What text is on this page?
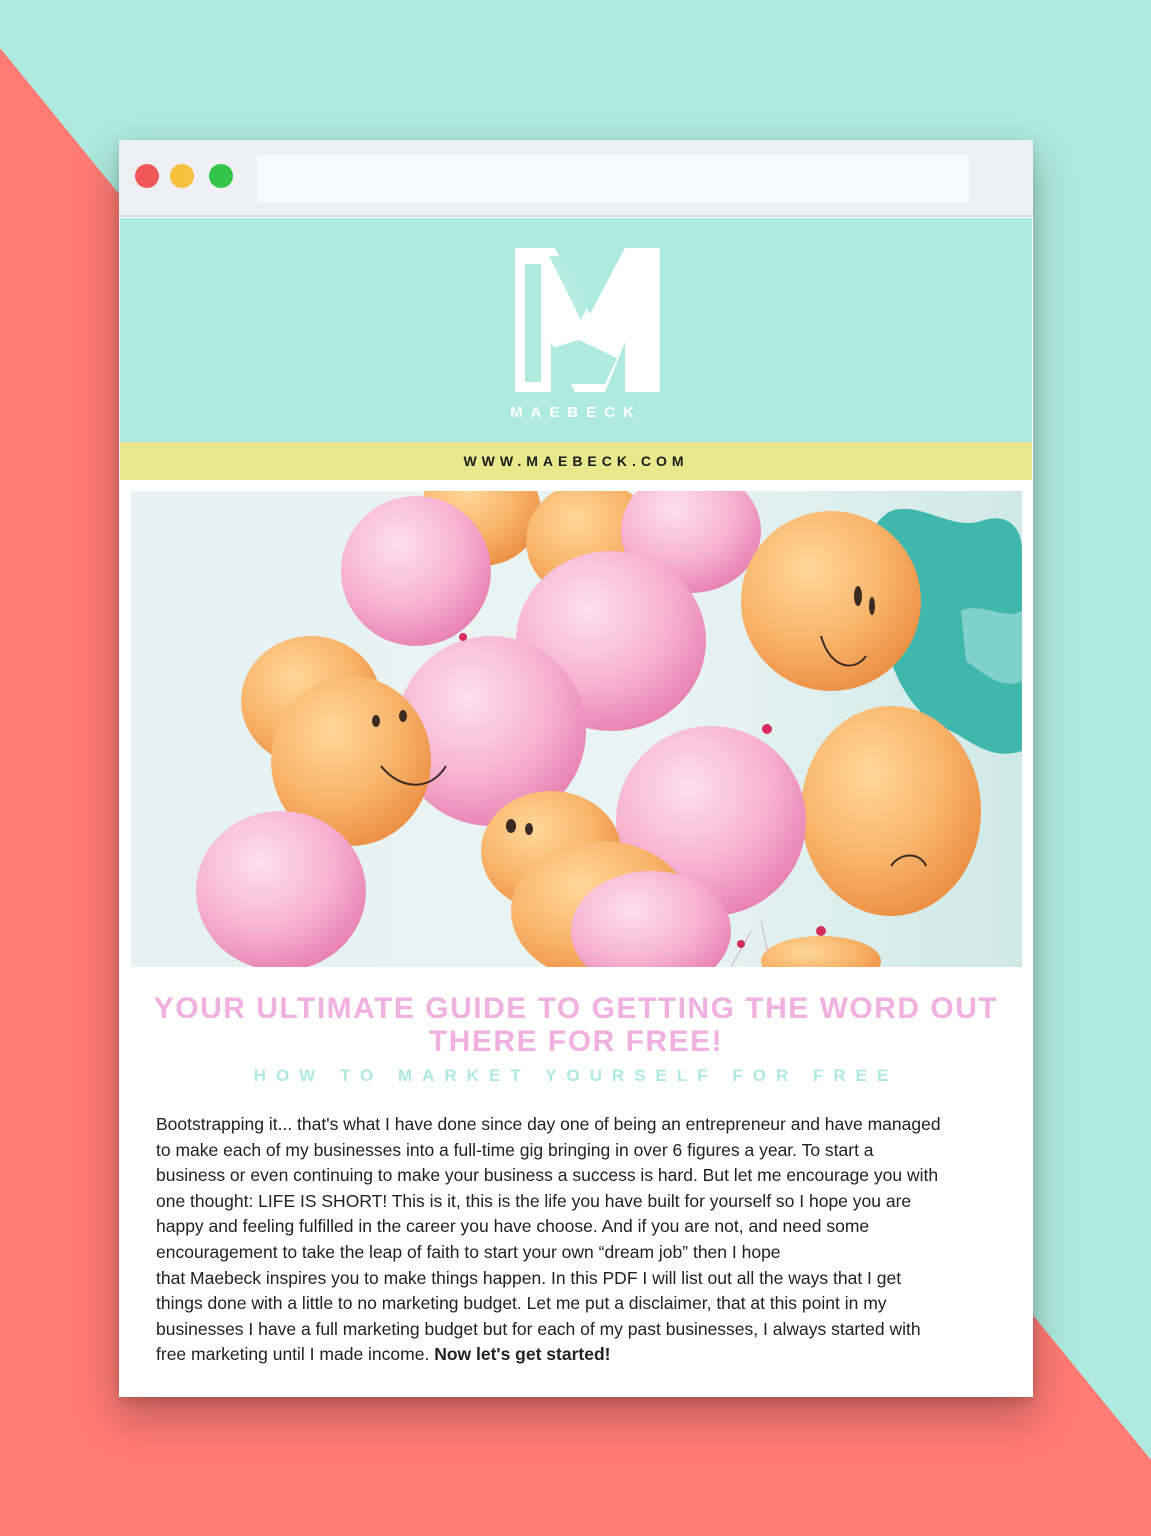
MAEBECK
WWW.MAEBECK.COM
YOUR ULTIMATE GUIDE TO GETTING THE WORD OUT THERE FOR FREE!
HOW TO MARKET YOURSELF FOR FREE
Bootstrapping it... that's what I have done since day one of being an entrepreneur and have managed
to make each of my businesses into a full-time gig bringing in over 6 figures a year. To start a
business or even continuing to make your business a success is hard. But let me encourage you with
one thought: LIFE IS SHORT! This is it, this is the life you have built for yourself so I hope you are
happy and feeling fulfilled in the career you have choose. And if you are not, and need some
encouragement to take the leap of faith to start your own “dream job” then I hope
that Maebeck inspires you to make things happen. In this PDF I will list out all the ways that I get
things done with a little to no marketing budget. Let me put a disclaimer, that at this point in my
businesses I have a full marketing budget but for each of my past businesses, I always started with
free marketing until I made income. Now let's get started!
